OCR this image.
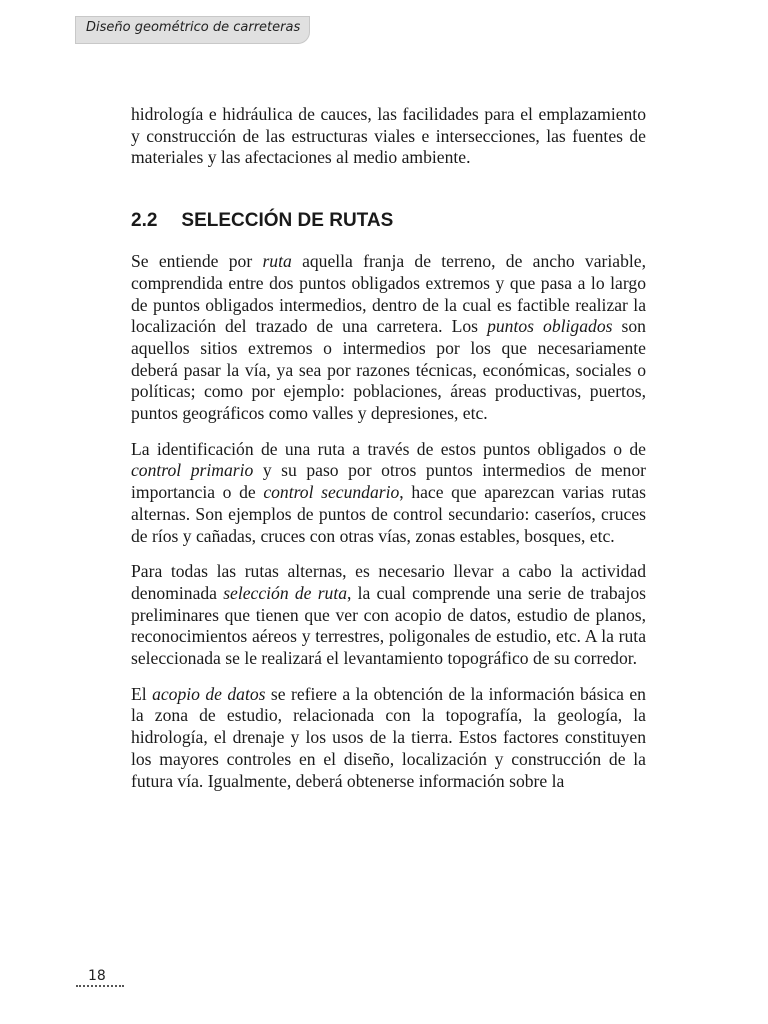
Diseño geométrico de carreteras

hidrología e hidráulica de cauces, las facilidades para el emplazamiento y construcción de las estructuras viales e intersecciones, las fuentes de materiales y las afectaciones al medio ambiente.

2.2 SELECCIÓN DE RUTAS

Se entiende por ruta aquella franja de terreno, de ancho variable, comprendida entre dos puntos obligados extremos y que pasa a lo largo de puntos obligados intermedios, dentro de la cual es factible realizar la localización del trazado de una carretera. Los puntos obligados son aquellos sitios extremos o intermedios por los que necesariamente deberá pasar la vía, ya sea por razones técnicas, económicas, sociales o políticas; como por ejemplo: poblaciones, áreas productivas, puertos, puntos geográficos como valles y depresiones, etc.

La identificación de una ruta a través de estos puntos obligados o de control primario y su paso por otros puntos intermedios de menor importancia o de control secundario, hace que aparezcan varias rutas alternas. Son ejemplos de puntos de control secundario: caseríos, cruces de ríos y cañadas, cruces con otras vías, zonas estables, bosques, etc.

Para todas las rutas alternas, es necesario llevar a cabo la actividad denominada selección de ruta, la cual comprende una serie de trabajos preliminares que tienen que ver con acopio de datos, estudio de planos, reconocimientos aéreos y terrestres, poligonales de estudio, etc. A la ruta seleccionada se le realizará el levantamiento topográfico de su corredor.

El acopio de datos se refiere a la obtención de la información básica en la zona de estudio, relacionada con la topografía, la geología, la hidrología, el drenaje y los usos de la tierra. Estos factores constituyen los mayores controles en el diseño, localización y construcción de la futura vía. Igualmente, deberá obtenerse información sobre la

18
